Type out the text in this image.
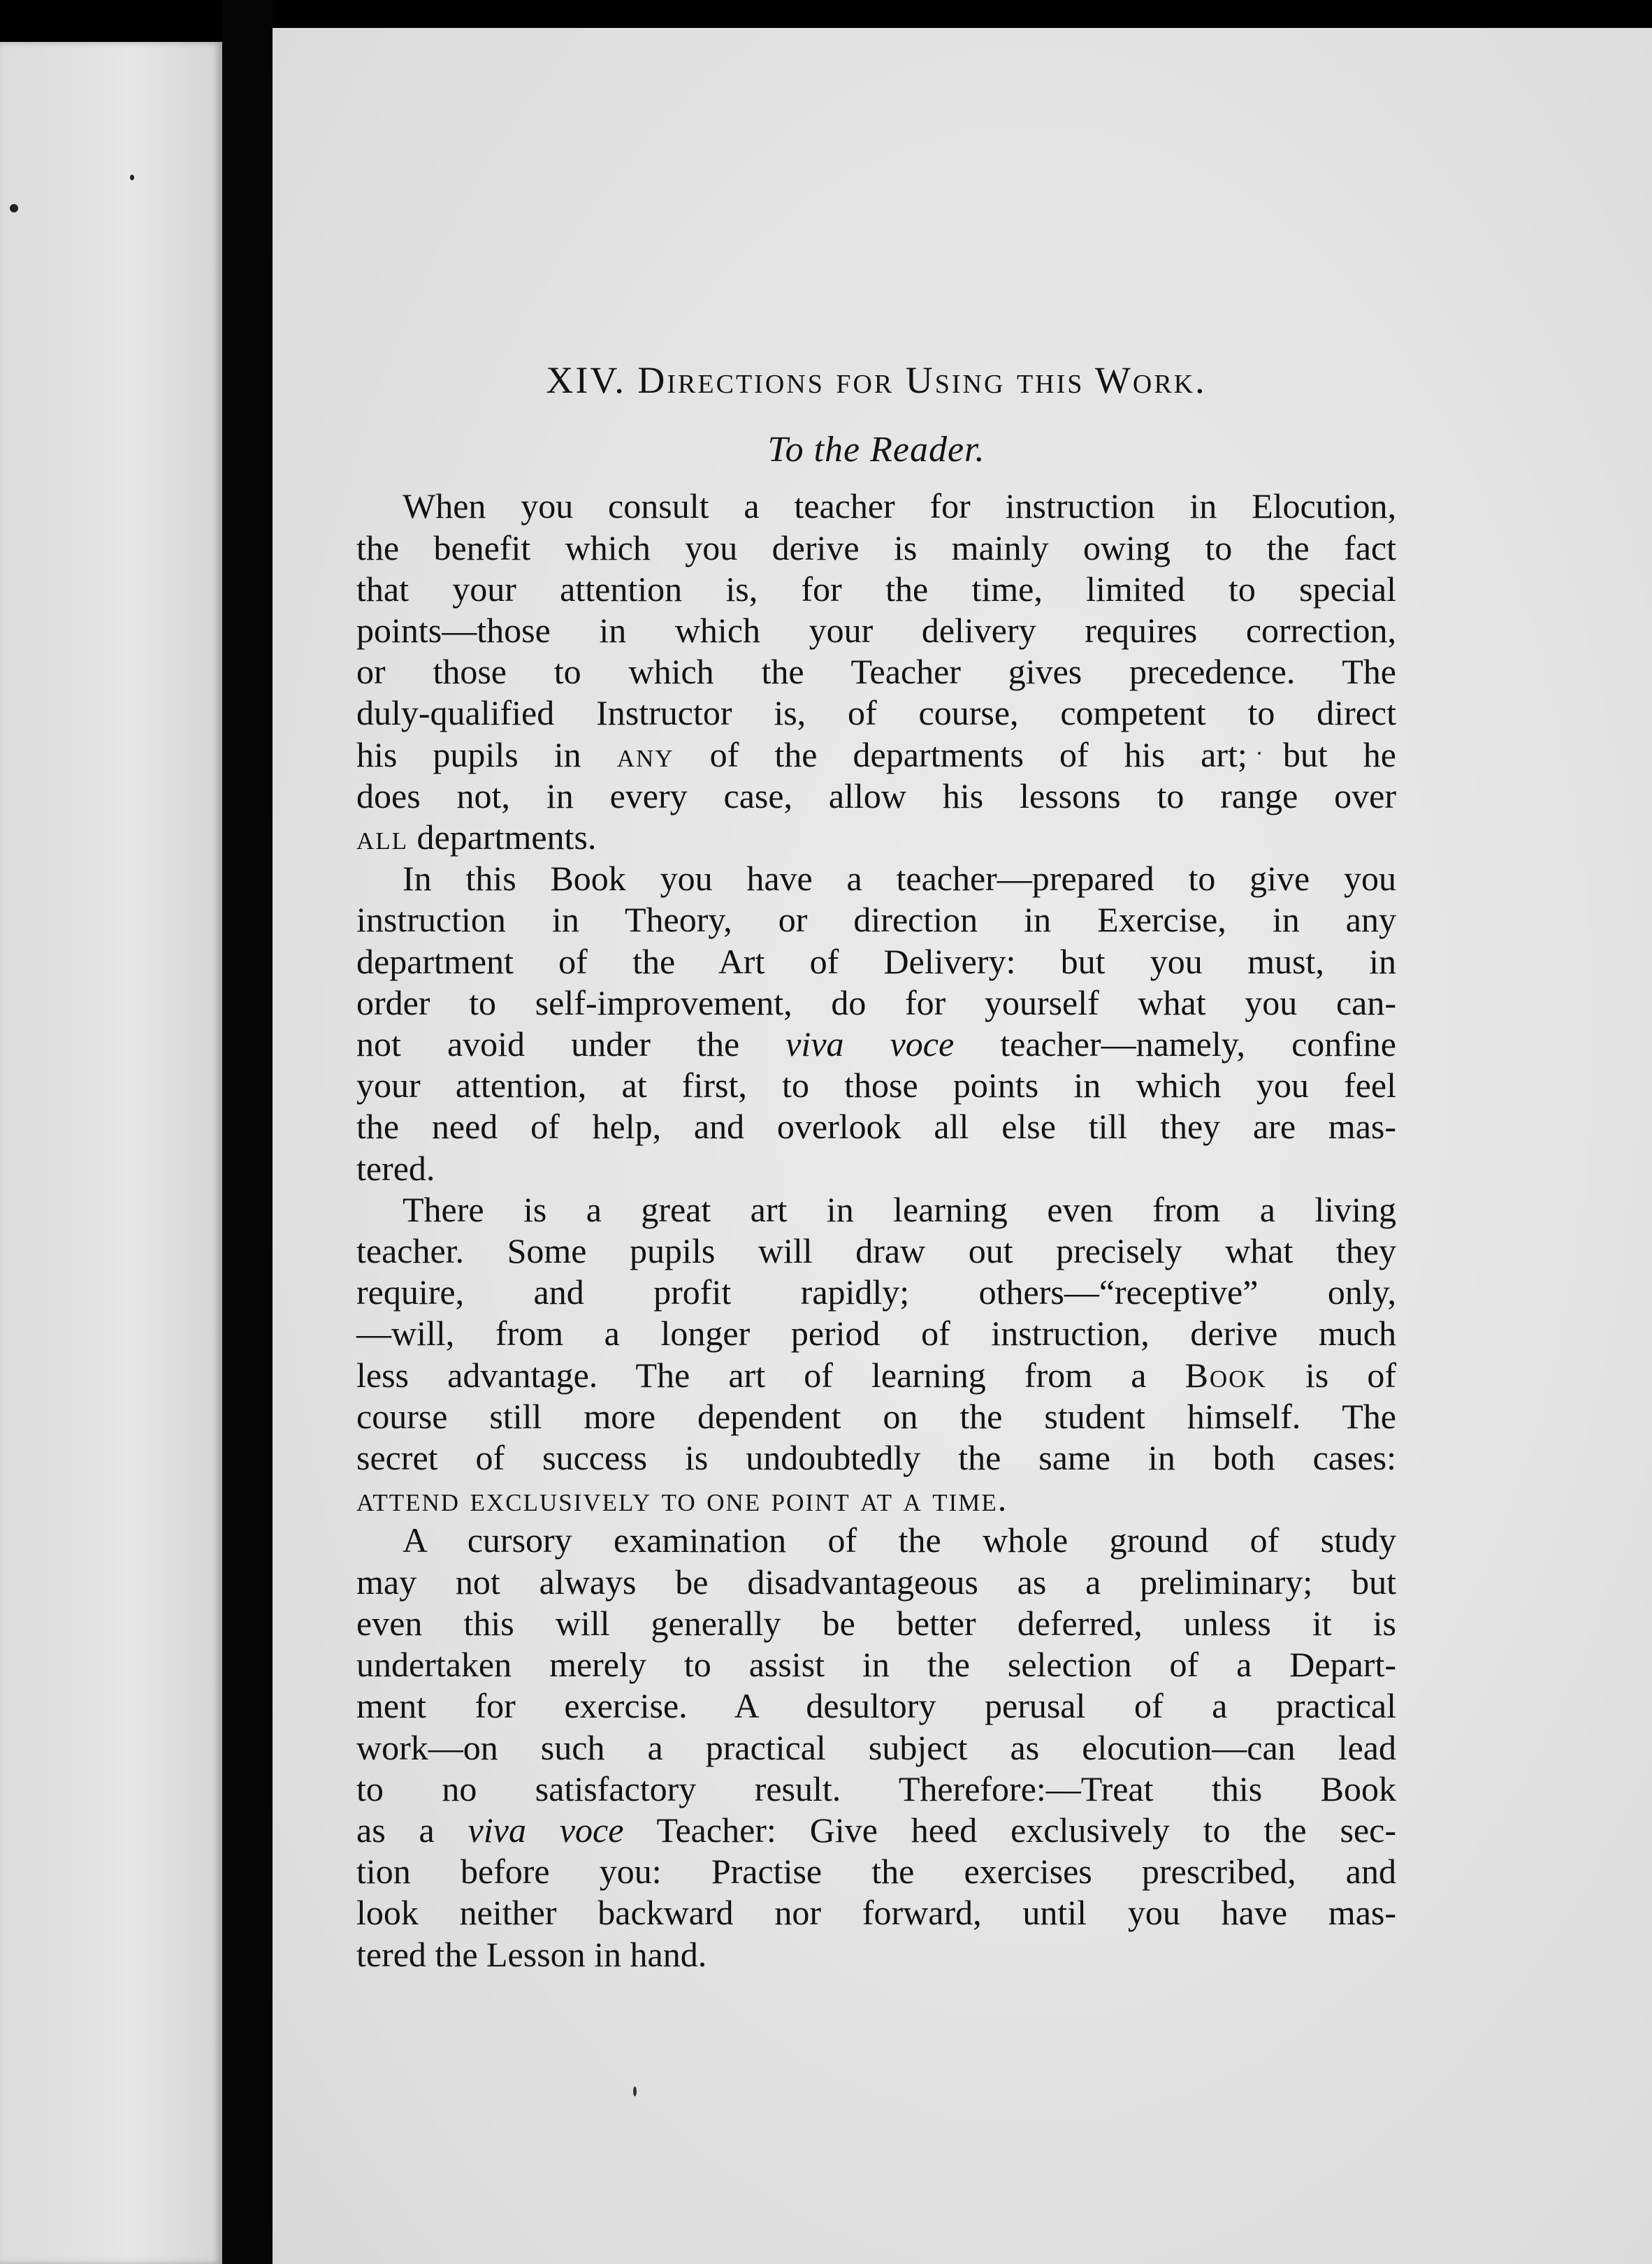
XIV. Directions for Using this Work.
To the Reader.
When you consult a teacher for instruction in Elocution,
the benefit which you derive is mainly owing to the fact
that your attention is, for the time, limited to special
points—those in which your delivery requires correction,
or those to which the Teacher gives precedence. The
duly-qualified Instructor is, of course, competent to direct
his pupils in any of the departments of his art; but he
does not, in every case, allow his lessons to range over
all departments.
In this Book you have a teacher—prepared to give you
instruction in Theory, or direction in Exercise, in any
department of the Art of Delivery: but you must, in
order to self-improvement, do for yourself what you can-
not avoid under the viva voce teacher—namely, confine
your attention, at first, to those points in which you feel
the need of help, and overlook all else till they are mas-
tered.
There is a great art in learning even from a living
teacher. Some pupils will draw out precisely what they
require, and profit rapidly; others—“receptive” only,
—will, from a longer period of instruction, derive much
less advantage. The art of learning from a Book is of
course still more dependent on the student himself. The
secret of success is undoubtedly the same in both cases:
attend exclusively to one point at a time.
A cursory examination of the whole ground of study
may not always be disadvantageous as a preliminary; but
even this will generally be better deferred, unless it is
undertaken merely to assist in the selection of a Depart-
ment for exercise. A desultory perusal of a practical
work—on such a practical subject as elocution—can lead
to no satisfactory result. Therefore:—Treat this Book
as a viva voce Teacher: Give heed exclusively to the sec-
tion before you: Practise the exercises prescribed, and
look neither backward nor forward, until you have mas-
tered the Lesson in hand.
